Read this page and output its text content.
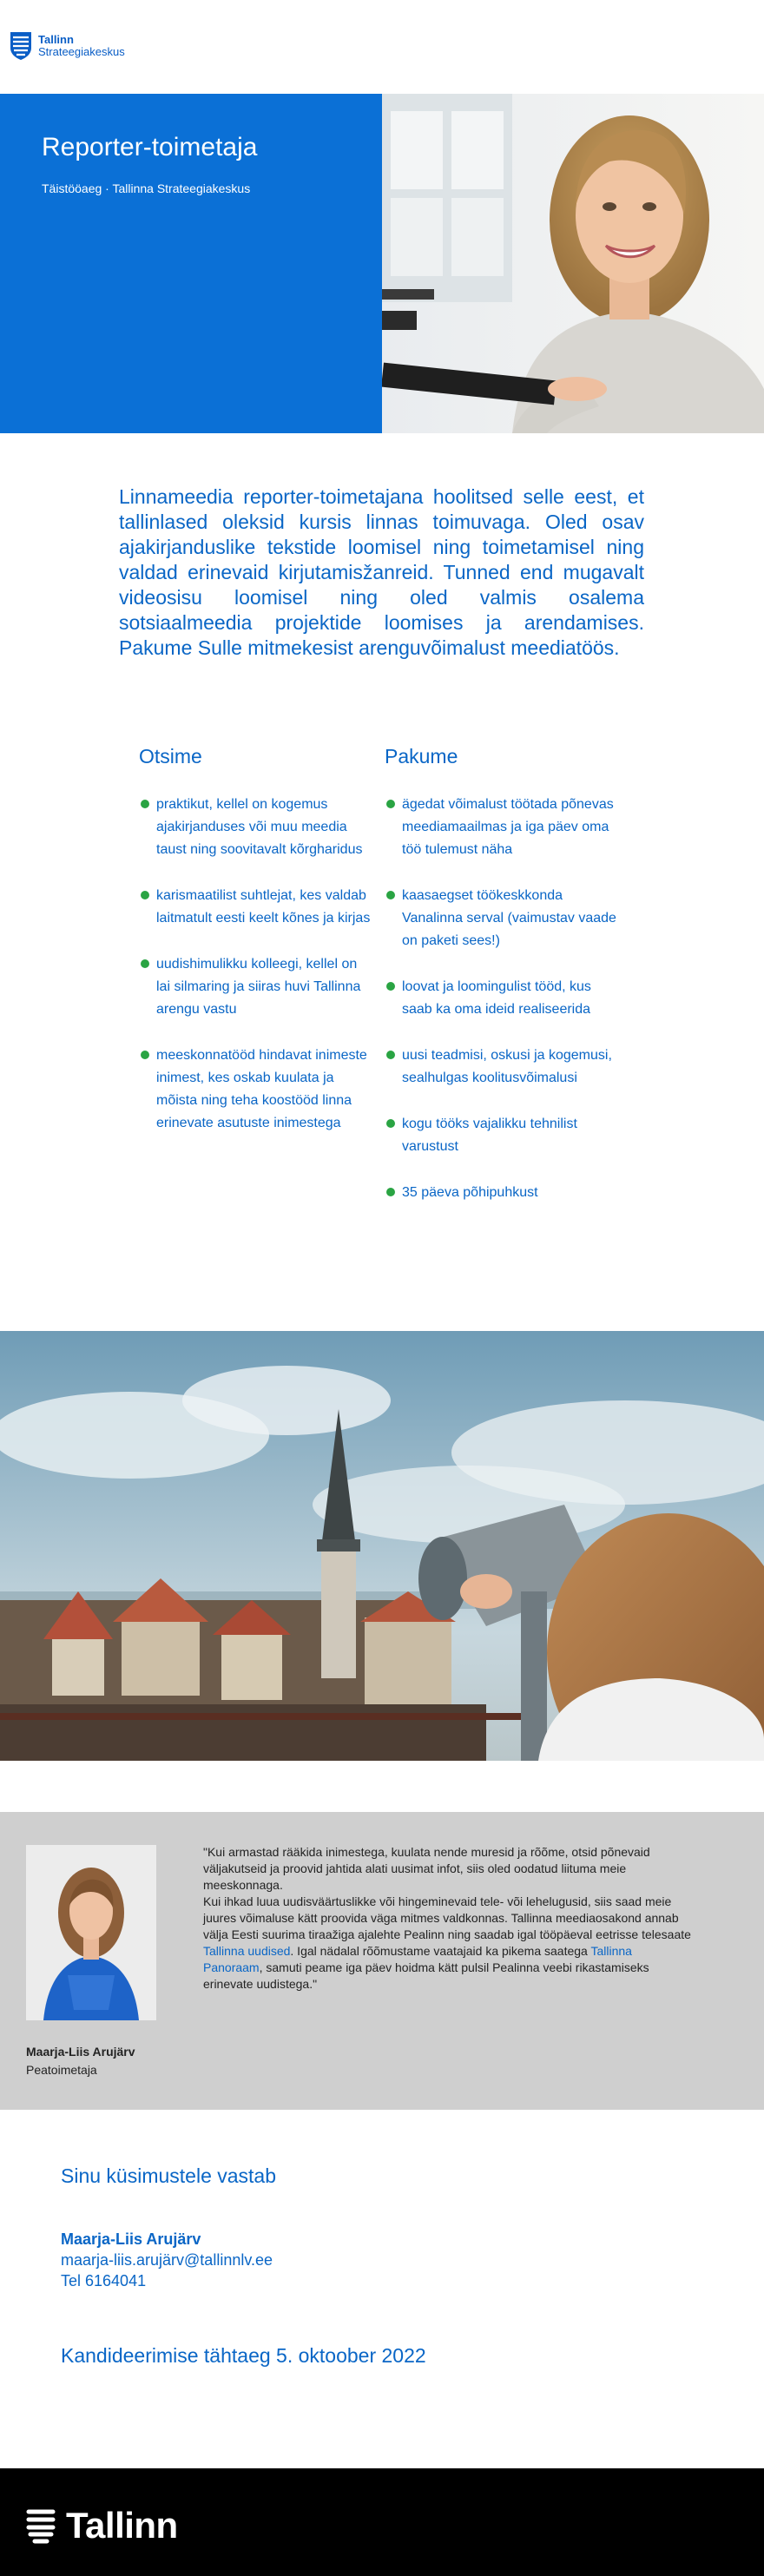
Tallinn
Strateegiakeskus
Reporter-toimetaja
Täistööaeg · Tallinna Strateegiakeskus
Linnameedia reporter-toimetajana hoolitsed selle eest, et tallinlased oleksid kursis linnas toimuvaga. Oled osav ajakirjanduslike tekstide loomisel ning toimetamisel ning valdad erinevaid kirjutamisžanreid. Tunned end mugavalt videosisu loomisel ning oled valmis osalema sotsiaalmeedia projektide loomises ja arendamises. Pakume Sulle mitmekesist arenguvõimalust meediatöös.
Otsime
praktikut, kellel on kogemus ajakirjanduses või muu meedia taust ning soovitavalt kõrgharidus
karismaatilist suhtlejat, kes valdab laitmatult eesti keelt kõnes ja kirjas
uudishimulikku kolleegi, kellel on lai silmaring ja siiras huvi Tallinna arengu vastu
meeskonnatööd hindavat inimeste inimest, kes oskab kuulata ja mõista ning teha koostööd linna erinevate asutuste inimestega
Pakume
ägedat võimalust töötada põnevas meediamaailmas ja iga päev oma töö tulemust näha
kaasaegset töökeskkonda Vanalinna serval (vaimustav vaade on paketi sees!)
loovat ja loomingulist tööd, kus saab ka oma ideid realiseerida
uusi teadmisi, oskusi ja kogemusi, sealhulgas koolitusvõimalusi
kogu tööks vajalikku tehnilist varustust
35 päeva põhipuhkust
Maarja-Liis Arujärv
Peatoimetaja
"Kui armastad rääkida inimestega, kuulata nende muresid ja rõõme, otsid põnevaid väljakutseid ja proovid jahtida alati uusimat infot, siis oled oodatud liituma meie meeskonnaga.
Kui ihkad luua uudisväärtuslikke või hingeminevaid tele- või lehelugusid, siis saad meie juures võimaluse kätt proovida väga mitmes valdkonnas. Tallinna meediaosakond annab välja Eesti suurima tiraažiga ajalehte Pealinn ning saadab igal tööpäeval eetrisse telesaate Tallinna uudised. Igal nädalal rõõmustame vaatajaid ka pikema saatega Tallinna Panoraam, samuti peame iga päev hoidma kätt pulsil Pealinna veebi rikastamiseks erinevate uudistega."
Sinu küsimustele vastab
Maarja-Liis Arujärv
maarja-liis.arujärv@tallinnlv.ee
Tel 6164041
Kandideerimise tähtaeg 5. oktoober 2022
Tallinn
